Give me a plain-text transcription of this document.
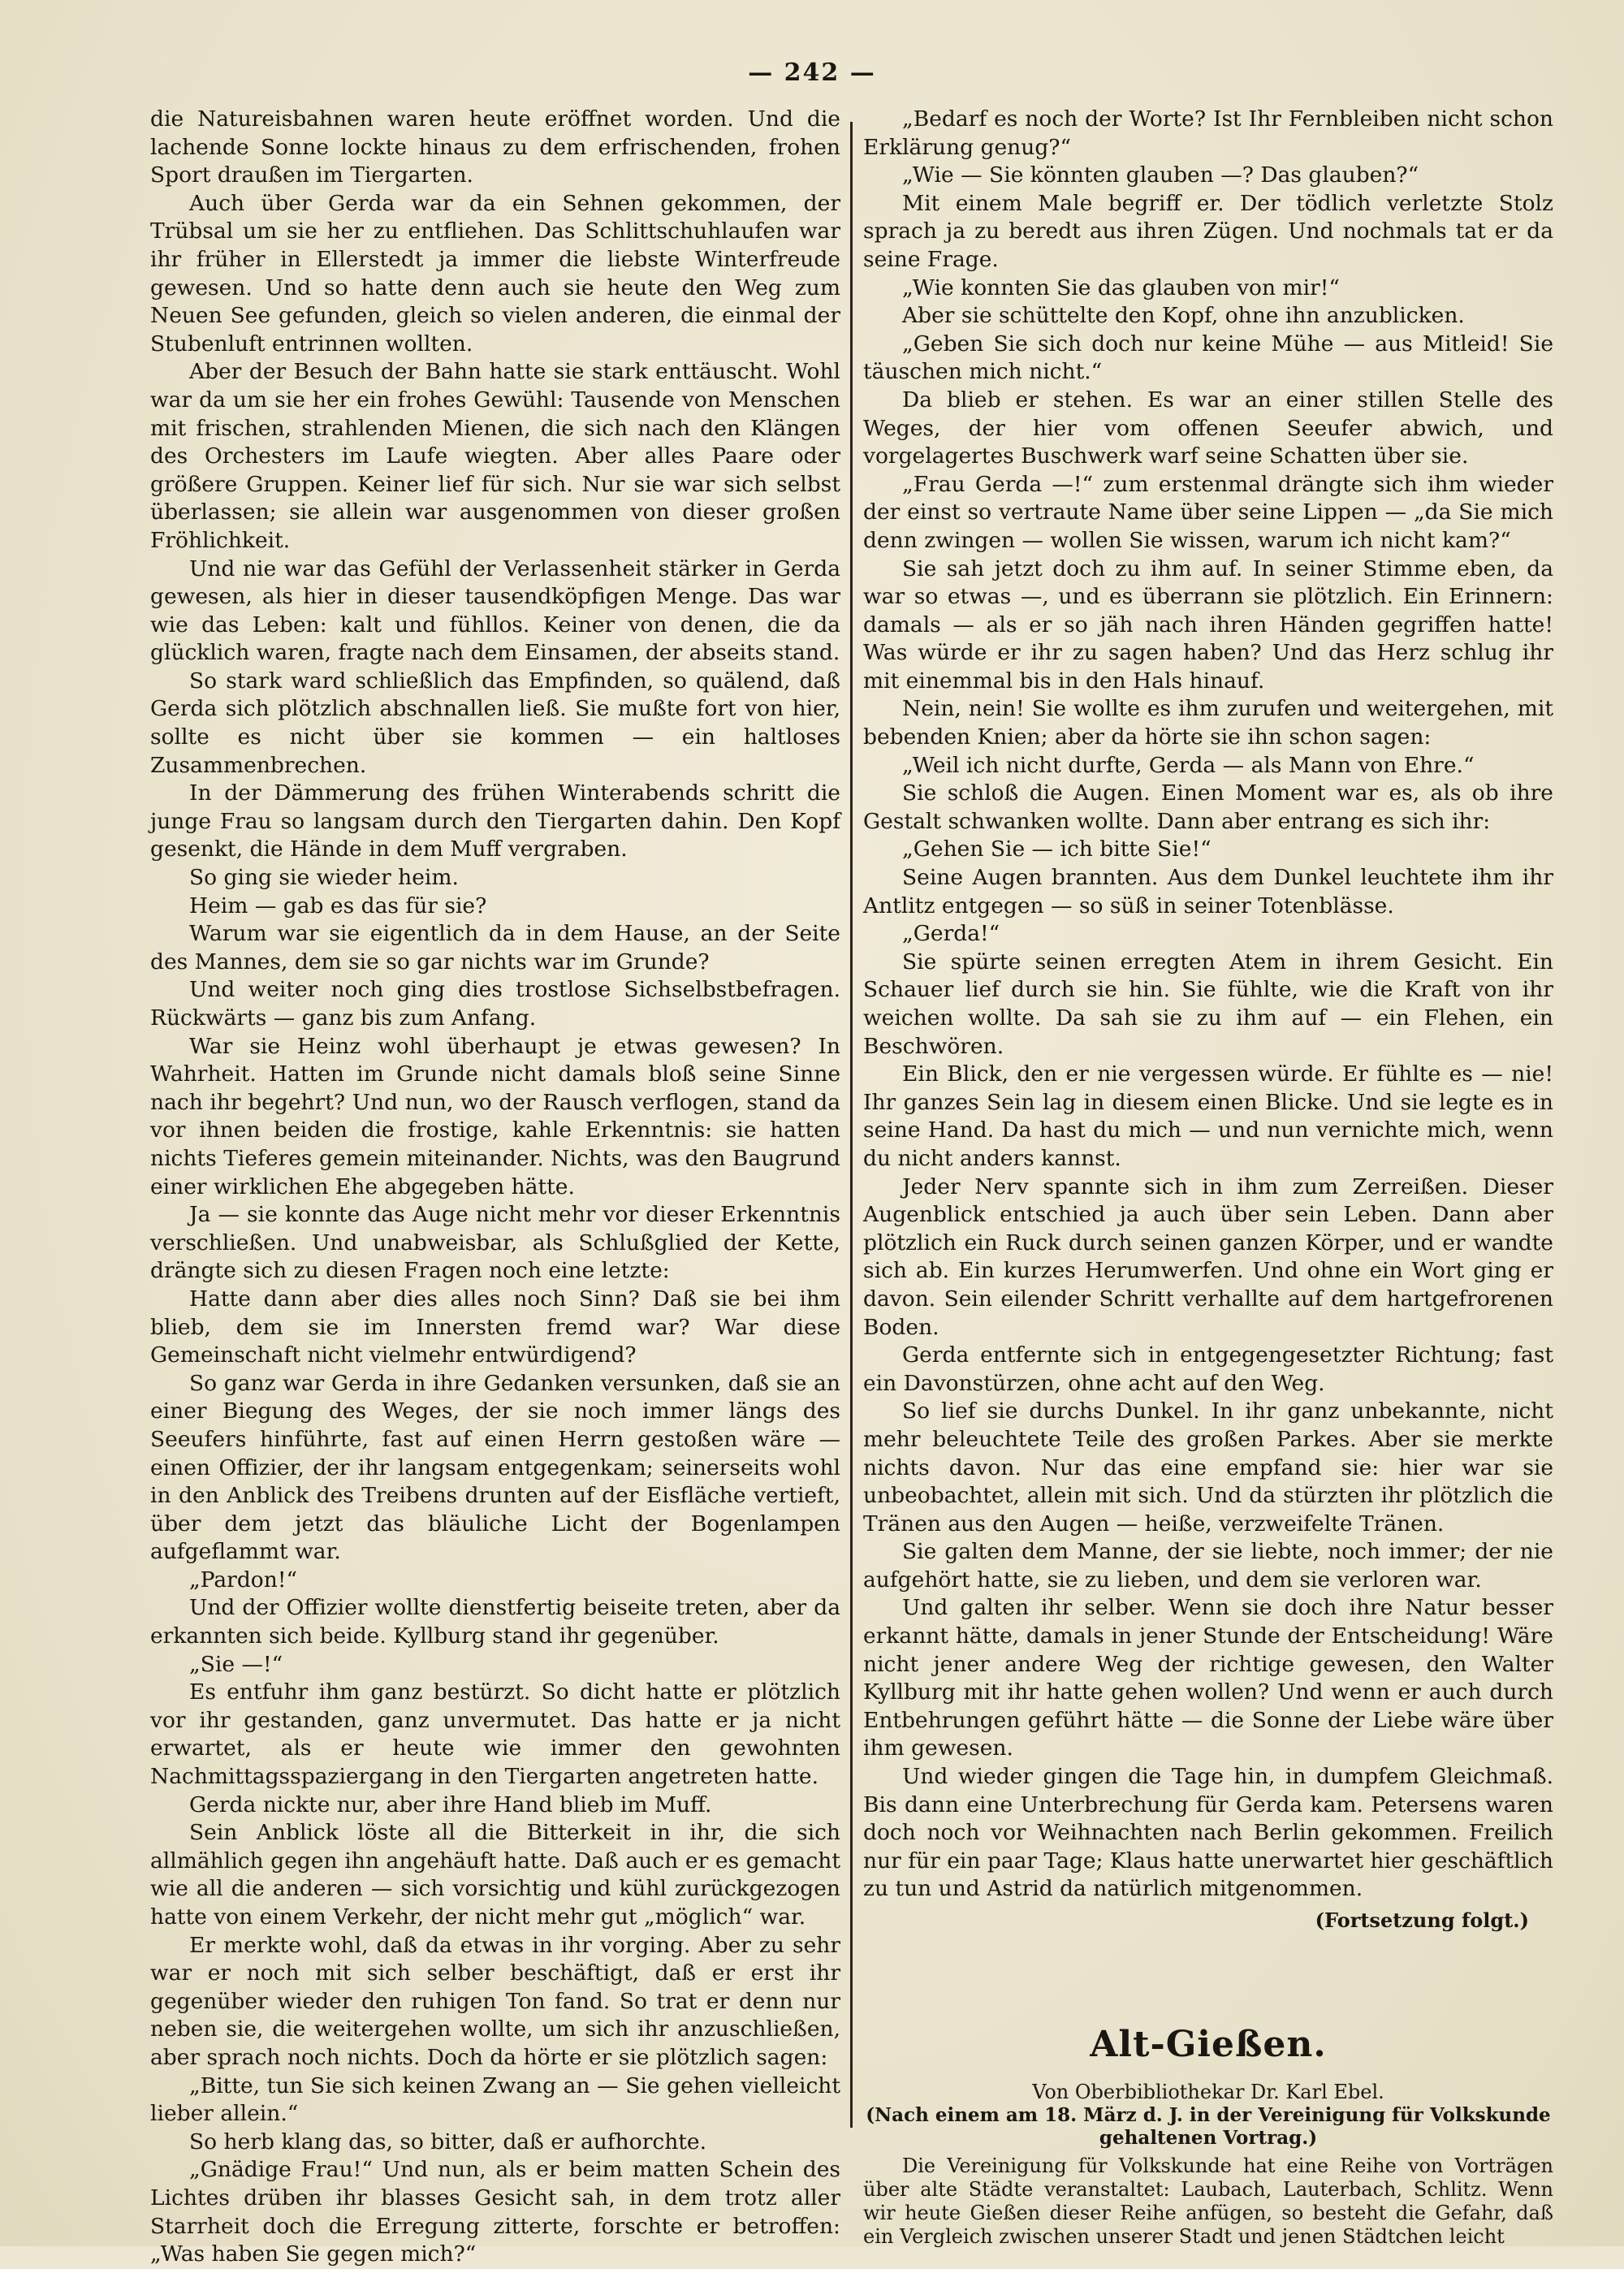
— 242 —

die Natureisbahnen waren heute eröffnet worden. Und die lachende Sonne lockte hinaus zu dem erfrischenden, frohen Sport draußen im Tiergarten.

Auch über Gerda war da ein Sehnen gekommen, der Trübsal um sie her zu entfliehen. Das Schlittschuhlaufen war ihr früher in Ellerstedt ja immer die liebste Winterfreude gewesen. Und so hatte denn auch sie heute den Weg zum Neuen See gefunden, gleich so vielen anderen, die einmal der Stubenluft entrinnen wollten.

Aber der Besuch der Bahn hatte sie stark enttäuscht. Wohl war da um sie her ein frohes Gewühl: Tausende von Menschen mit frischen, strahlenden Mienen, die sich nach den Klängen des Orchesters im Laufe wiegten. Aber alles Paare oder größere Gruppen. Keiner lief für sich. Nur sie war sich selbst überlassen; sie allein war ausgenommen von dieser großen Fröhlichkeit.

Und nie war das Gefühl der Verlassenheit stärker in Gerda gewesen, als hier in dieser tausendköpfigen Menge. Das war wie das Leben: kalt und fühllos. Keiner von denen, die da glücklich waren, fragte nach dem Einsamen, der abseits stand.

So stark ward schließlich das Empfinden, so quälend, daß Gerda sich plötzlich abschnallen ließ. Sie mußte fort von hier, sollte es nicht über sie kommen — ein haltloses Zusammenbrechen.

In der Dämmerung des frühen Winterabends schritt die junge Frau so langsam durch den Tiergarten dahin. Den Kopf gesenkt, die Hände in dem Muff vergraben.

So ging sie wieder heim.

Heim — gab es das für sie?

Warum war sie eigentlich da in dem Hause, an der Seite des Mannes, dem sie so gar nichts war im Grunde?

Und weiter noch ging dies trostlose Sichselbstbefragen. Rückwärts — ganz bis zum Anfang.

War sie Heinz wohl überhaupt je etwas gewesen? In Wahrheit. Hatten im Grunde nicht damals bloß seine Sinne nach ihr begehrt? Und nun, wo der Rausch verflogen, stand da vor ihnen beiden die frostige, kahle Erkenntnis: sie hatten nichts Tieferes gemein miteinander. Nichts, was den Baugrund einer wirklichen Ehe abgegeben hätte.

Ja — sie konnte das Auge nicht mehr vor dieser Erkenntnis verschließen. Und unabweisbar, als Schlußglied der Kette, drängte sich zu diesen Fragen noch eine letzte:

Hatte dann aber dies alles noch Sinn? Daß sie bei ihm blieb, dem sie im Innersten fremd war? War diese Gemeinschaft nicht vielmehr entwürdigend?

So ganz war Gerda in ihre Gedanken versunken, daß sie an einer Biegung des Weges, der sie noch immer längs des Seeufers hinführte, fast auf einen Herrn gestoßen wäre — einen Offizier, der ihr langsam entgegenkam; seinerseits wohl in den Anblick des Treibens drunten auf der Eisfläche vertieft, über dem jetzt das bläuliche Licht der Bogenlampen aufgeflammt war.

„Pardon!“

Und der Offizier wollte dienstfertig beiseite treten, aber da erkannten sich beide. Kyllburg stand ihr gegenüber.

„Sie —!“

Es entfuhr ihm ganz bestürzt. So dicht hatte er plötzlich vor ihr gestanden, ganz unvermutet. Das hatte er ja nicht erwartet, als er heute wie immer den gewohnten Nachmittagsspaziergang in den Tiergarten angetreten hatte.

Gerda nickte nur, aber ihre Hand blieb im Muff.

Sein Anblick löste all die Bitterkeit in ihr, die sich allmählich gegen ihn angehäuft hatte. Daß auch er es gemacht wie all die anderen — sich vorsichtig und kühl zurückgezogen hatte von einem Verkehr, der nicht mehr gut „möglich“ war.

Er merkte wohl, daß da etwas in ihr vorging. Aber zu sehr war er noch mit sich selber beschäftigt, daß er erst ihr gegenüber wieder den ruhigen Ton fand. So trat er denn nur neben sie, die weitergehen wollte, um sich ihr anzuschließen, aber sprach noch nichts. Doch da hörte er sie plötzlich sagen:

„Bitte, tun Sie sich keinen Zwang an — Sie gehen vielleicht lieber allein.“

So herb klang das, so bitter, daß er aufhorchte.

„Gnädige Frau!“ Und nun, als er beim matten Schein des Lichtes drüben ihr blasses Gesicht sah, in dem trotz aller Starrheit doch die Erregung zitterte, forschte er betroffen: „Was haben Sie gegen mich?“

„Bedarf es noch der Worte? Ist Ihr Fernbleiben nicht schon Erklärung genug?“

„Wie — Sie könnten glauben —? Das glauben?“

Mit einem Male begriff er. Der tödlich verletzte Stolz sprach ja zu beredt aus ihren Zügen. Und nochmals tat er da seine Frage.

„Wie konnten Sie das glauben von mir!“

Aber sie schüttelte den Kopf, ohne ihn anzublicken.

„Geben Sie sich doch nur keine Mühe — aus Mitleid! Sie täuschen mich nicht.“

Da blieb er stehen. Es war an einer stillen Stelle des Weges, der hier vom offenen Seeufer abwich, und vorgelagertes Buschwerk warf seine Schatten über sie.

„Frau Gerda —!“ zum erstenmal drängte sich ihm wieder der einst so vertraute Name über seine Lippen — „da Sie mich denn zwingen — wollen Sie wissen, warum ich nicht kam?“

Sie sah jetzt doch zu ihm auf. In seiner Stimme eben, da war so etwas —, und es überrann sie plötzlich. Ein Erinnern: damals — als er so jäh nach ihren Händen gegriffen hatte! Was würde er ihr zu sagen haben? Und das Herz schlug ihr mit einemmal bis in den Hals hinauf.

Nein, nein! Sie wollte es ihm zurufen und weitergehen, mit bebenden Knien; aber da hörte sie ihn schon sagen:

„Weil ich nicht durfte, Gerda — als Mann von Ehre.“

Sie schloß die Augen. Einen Moment war es, als ob ihre Gestalt schwanken wollte. Dann aber entrang es sich ihr:

„Gehen Sie — ich bitte Sie!“

Seine Augen brannten. Aus dem Dunkel leuchtete ihm ihr Antlitz entgegen — so süß in seiner Totenblässe.

„Gerda!“

Sie spürte seinen erregten Atem in ihrem Gesicht. Ein Schauer lief durch sie hin. Sie fühlte, wie die Kraft von ihr weichen wollte. Da sah sie zu ihm auf — ein Flehen, ein Beschwören.

Ein Blick, den er nie vergessen würde. Er fühlte es — nie! Ihr ganzes Sein lag in diesem einen Blicke. Und sie legte es in seine Hand. Da hast du mich — und nun vernichte mich, wenn du nicht anders kannst.

Jeder Nerv spannte sich in ihm zum Zerreißen. Dieser Augenblick entschied ja auch über sein Leben. Dann aber plötzlich ein Ruck durch seinen ganzen Körper, und er wandte sich ab. Ein kurzes Herumwerfen. Und ohne ein Wort ging er davon. Sein eilender Schritt verhallte auf dem hartgefrorenen Boden.

Gerda entfernte sich in entgegengesetzter Richtung; fast ein Davonstürzen, ohne acht auf den Weg.

So lief sie durchs Dunkel. In ihr ganz unbekannte, nicht mehr beleuchtete Teile des großen Parkes. Aber sie merkte nichts davon. Nur das eine empfand sie: hier war sie unbeobachtet, allein mit sich. Und da stürzten ihr plötzlich die Tränen aus den Augen — heiße, verzweifelte Tränen.

Sie galten dem Manne, der sie liebte, noch immer; der nie aufgehört hatte, sie zu lieben, und dem sie verloren war.

Und galten ihr selber. Wenn sie doch ihre Natur besser erkannt hätte, damals in jener Stunde der Entscheidung! Wäre nicht jener andere Weg der richtige gewesen, den Walter Kyllburg mit ihr hatte gehen wollen? Und wenn er auch durch Entbehrungen geführt hätte — die Sonne der Liebe wäre über ihm gewesen.

Und wieder gingen die Tage hin, in dumpfem Gleichmaß. Bis dann eine Unterbrechung für Gerda kam. Petersens waren doch noch vor Weihnachten nach Berlin gekommen. Freilich nur für ein paar Tage; Klaus hatte unerwartet hier geschäftlich zu tun und Astrid da natürlich mitgenommen.

(Fortsetzung folgt.)
Alt-Gießen.
Von Oberbibliothekar Dr. Karl Ebel.
(Nach einem am 18. März d. J. in der Vereinigung für Volkskunde gehaltenen Vortrag.)

Die Vereinigung für Volkskunde hat eine Reihe von Vorträgen über alte Städte veranstaltet: Laubach, Lauterbach, Schlitz. Wenn wir heute Gießen dieser Reihe anfügen, so besteht die Gefahr, daß ein Vergleich zwischen unserer Stadt und jenen Städtchen leicht
